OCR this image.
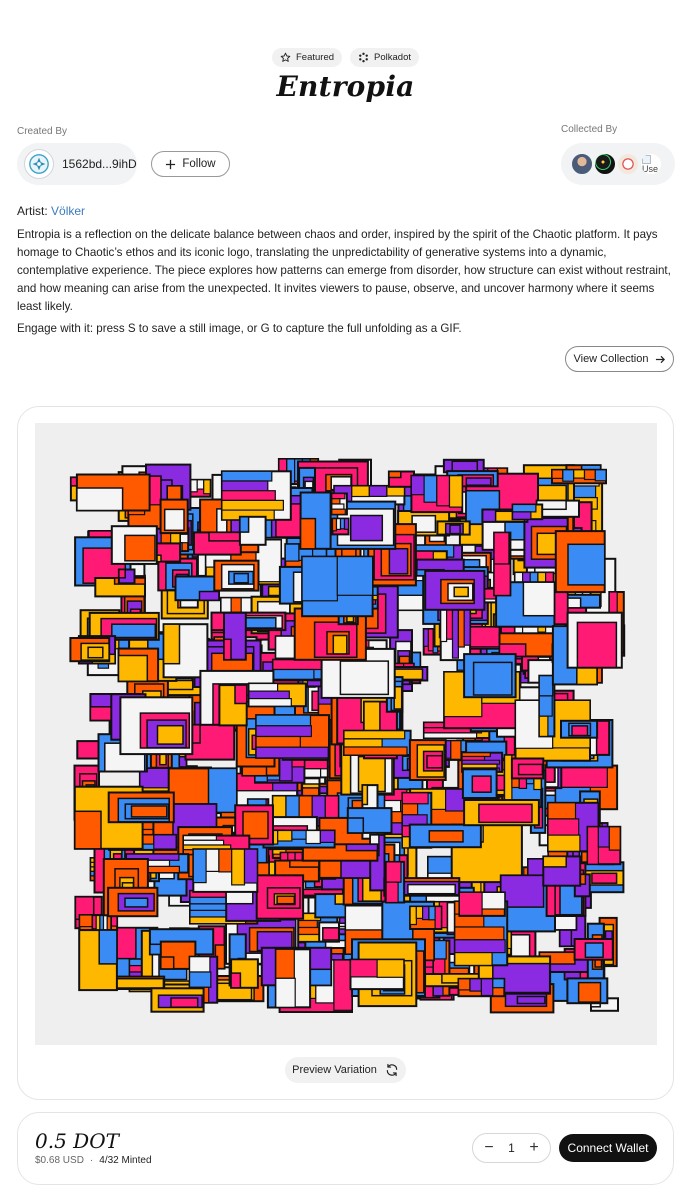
Featured	Polkadot
Entropia
Created By
1562bd...9ihD	Follow
Collected By
Use
Artist: Völker

Entropia is a reflection on the delicate balance between chaos and order, inspired by the spirit of the Chaotic platform. It pays homage to Chaotic’s ethos and its iconic logo, translating the unpredictability of generative systems into a dynamic, contemplative experience. The piece explores how patterns can emerge from disorder, how structure can exist without restraint, and how meaning can arise from the unexpected. It invites viewers to pause, observe, and uncover harmony where it seems least likely.

Engage with it: press S to save a still image, or G to capture the full unfolding as a GIF.

View Collection
Preview Variation
0.5 DOT
$0.68 USD · 4/32 Minted
− 1 +	Connect Wallet
